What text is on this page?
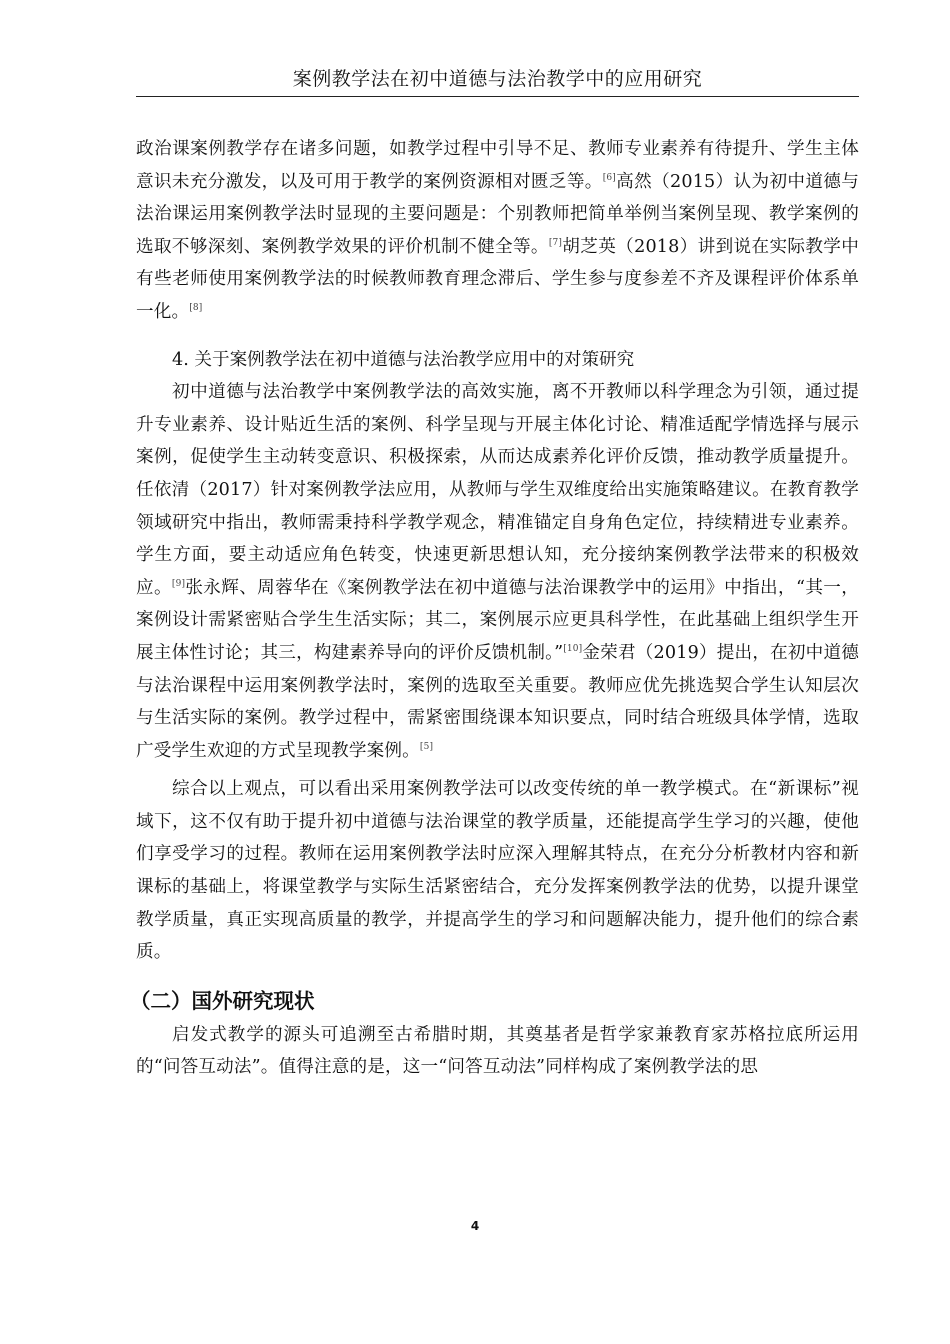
案例教学法在初中道德与法治教学中的应用研究

政治课案例教学存在诸多问题，如教学过程中引导不足、教师专业素养有待提升、学生主体意识未充分激发，以及可用于教学的案例资源相对匮乏等。[6]高然（2015）认为初中道德与法治课运用案例教学法时显现的主要问题是：个别教师把简单举例当案例呈现、教学案例的选取不够深刻、案例教学效果的评价机制不健全等。[7]胡芝英（2018）讲到说在实际教学中有些老师使用案例教学法的时候教师教育理念滞后、学生参与度参差不齐及课程评价体系单一化。[8]

4. 关于案例教学法在初中道德与法治教学应用中的对策研究

初中道德与法治教学中案例教学法的高效实施，离不开教师以科学理念为引领，通过提升专业素养、设计贴近生活的案例、科学呈现与开展主体化讨论、精准适配学情选择与展示案例，促使学生主动转变意识、积极探索，从而达成素养化评价反馈，推动教学质量提升。任依清（2017）针对案例教学法应用，从教师与学生双维度给出实施策略建议。在教育教学领域研究中指出，教师需秉持科学教学观念，精准锚定自身角色定位，持续精进专业素养。学生方面，要主动适应角色转变，快速更新思想认知，充分接纳案例教学法带来的积极效应。[9]张永辉、周蓉华在《案例教学法在初中道德与法治课教学中的运用》中指出，“其一，案例设计需紧密贴合学生生活实际；其二，案例展示应更具科学性，在此基础上组织学生开展主体性讨论；其三，构建素养导向的评价反馈机制。”[10]金荣君（2019）提出，在初中道德与法治课程中运用案例教学法时，案例的选取至关重要。教师应优先挑选契合学生认知层次与生活实际的案例。教学过程中，需紧密围绕课本知识要点，同时结合班级具体学情，选取广受学生欢迎的方式呈现教学案例。[5]

综合以上观点，可以看出采用案例教学法可以改变传统的单一教学模式。在“新课标”视域下，这不仅有助于提升初中道德与法治课堂的教学质量，还能提高学生学习的兴趣，使他们享受学习的过程。教师在运用案例教学法时应深入理解其特点，在充分分析教材内容和新课标的基础上，将课堂教学与实际生活紧密结合，充分发挥案例教学法的优势，以提升课堂教学质量，真正实现高质量的教学，并提高学生的学习和问题解决能力，提升他们的综合素质。

（二）国外研究现状

启发式教学的源头可追溯至古希腊时期，其奠基者是哲学家兼教育家苏格拉底所运用的“问答互动法”。值得注意的是，这一“问答互动法”同样构成了案例教学法的思

4
